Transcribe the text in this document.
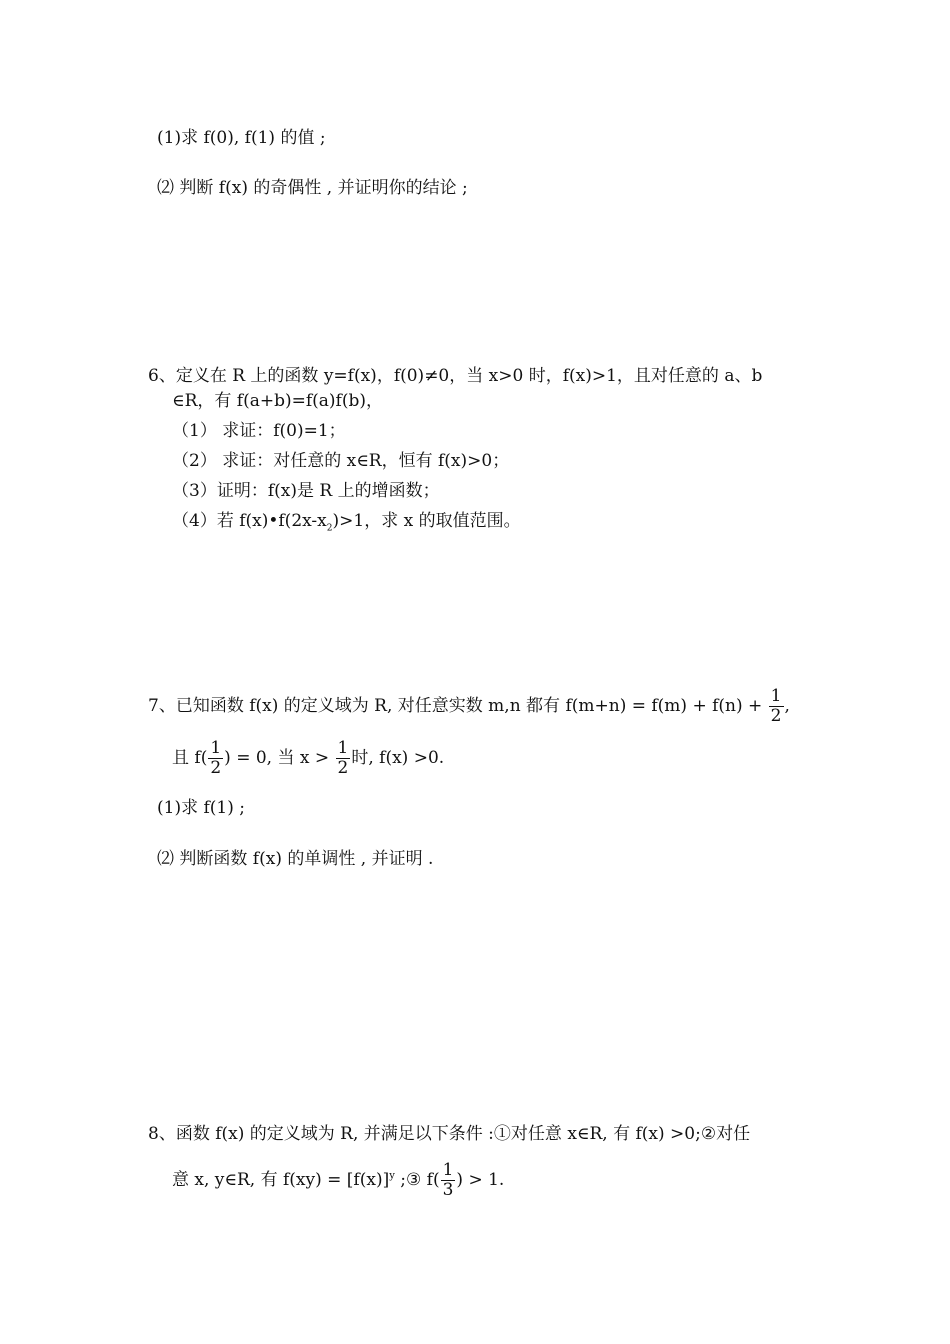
(1)求 f(0), f(1) 的值 ;
⑵ 判断 f(x) 的奇偶性 , 并证明你的结论 ;
6、定义在 R 上的函数 y=f(x)，f(0)≠0，当 x>0 时，f(x)>1，且对任意的 a、b
∈R，有 f(a+b)=f(a)f(b)，
（1） 求证：f(0)=1；
（2） 求证：对任意的 x∈R，恒有 f(x)>0；
（3）证明：f(x)是 R 上的增函数；
（4）若 $f(x)•f(2x-x_2)>1$，求 x 的取值范围。
7、已知函数 f(x) 的定义域为 R, 对任意实数 m,n 都有 $f(m+n) = f(m) + f(n) + \frac{1}{2}$ ,
且 $f( \frac{1}{2}$ ) = 0, 当 $x > \frac{1}{2}$ 时, f(x) >0.
(1)求 f(1) ;
⑵ 判断函数 f(x) 的单调性 , 并证明 .
8、函数 f(x) 的定义域为 R, 并满足以下条件 :①对任意 x∈R, 有 f(x) >0;②对任
意 x, y∈R, 有 $f(xy) = [f(x)]^y$ ;③ $f( \frac{1}{3}$ ) > 1.
